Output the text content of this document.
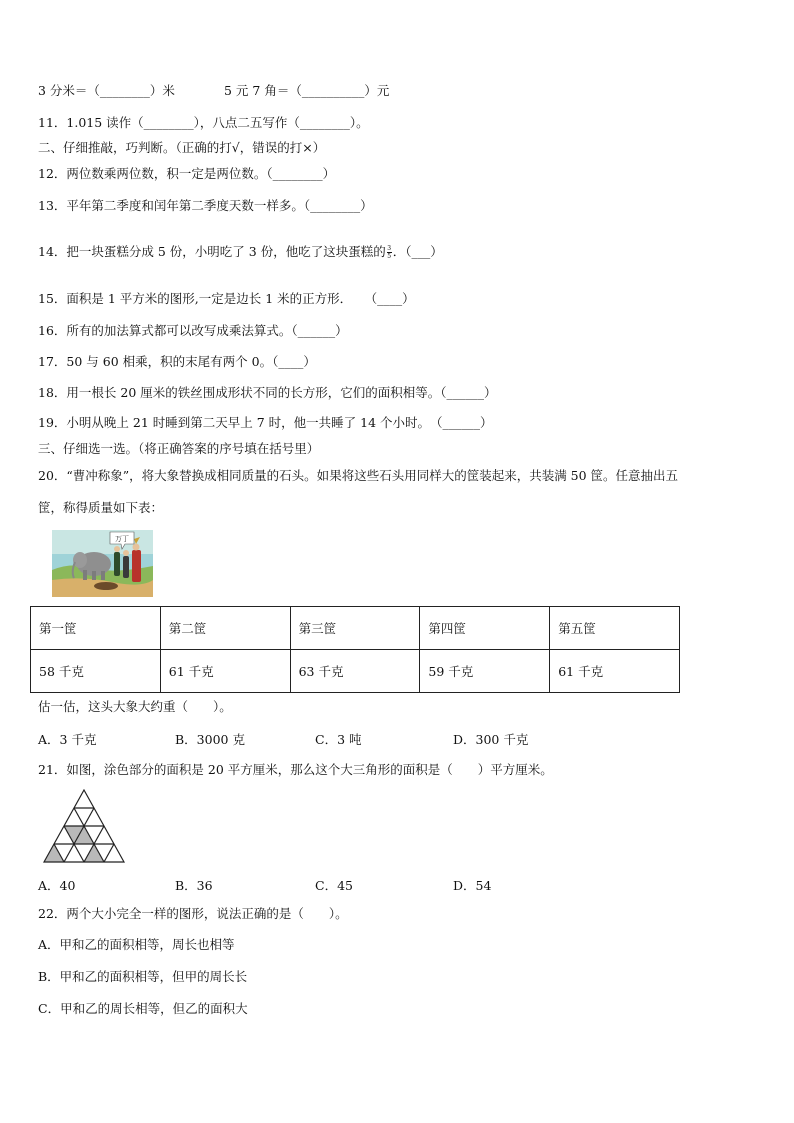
3 分米＝（________）米	5 元 7 角＝（__________）元
11．1.015 读作（________），八点二五写作（________）。
二、仔细推敲，巧判断。（正确的打√，错误的打×）
12．两位数乘两位数，积一定是两位数。（________）
13．平年第二季度和闰年第二季度天数一样多。（________）
14．把一块蛋糕分成 5 份，小明吃了 3 份，他吃了这块蛋糕的 $\frac{3}{5}$ ．（___）
15．面积是 1 平方米的图形,一定是边长 1 米的正方形．　　（____）
16．所有的加法算式都可以改写成乘法算式。（______）
17．50 与 60 相乘，积的末尾有两个 0。（____）
18．用一根长 20 厘米的铁丝围成形状不同的长方形，它们的面积相等。（______）
19．小明从晚上 21 时睡到第二天早上 7 时，他一共睡了 14 个小时。　（______）
三、仔细选一选。（将正确答案的序号填在括号里）
20．“曹冲称象”，将大象替换成相同质量的石头。如果将这些石头用同样大的筐装起来，共装满 50 筐。任意抽出五
筐，称得质量如下表：
万丁
第一筐	第二筐	第三筐	第四筐	第五筐
58 千克	61 千克	63 千克	59 千克	61 千克
估一估，这头大象大约重（　　）。
A．3 千克	B．3000 克	C．3 吨	D．300 千克
21．如图，涂色部分的面积是 20 平方厘米，那么这个大三角形的面积是（　　）平方厘米。
A．40	B．36	C．45	D．54
22．两个大小完全一样的图形，说法正确的是（　　）。
A．甲和乙的面积相等，周长也相等
B．甲和乙的面积相等，但甲的周长长
C．甲和乙的周长相等，但乙的面积大
